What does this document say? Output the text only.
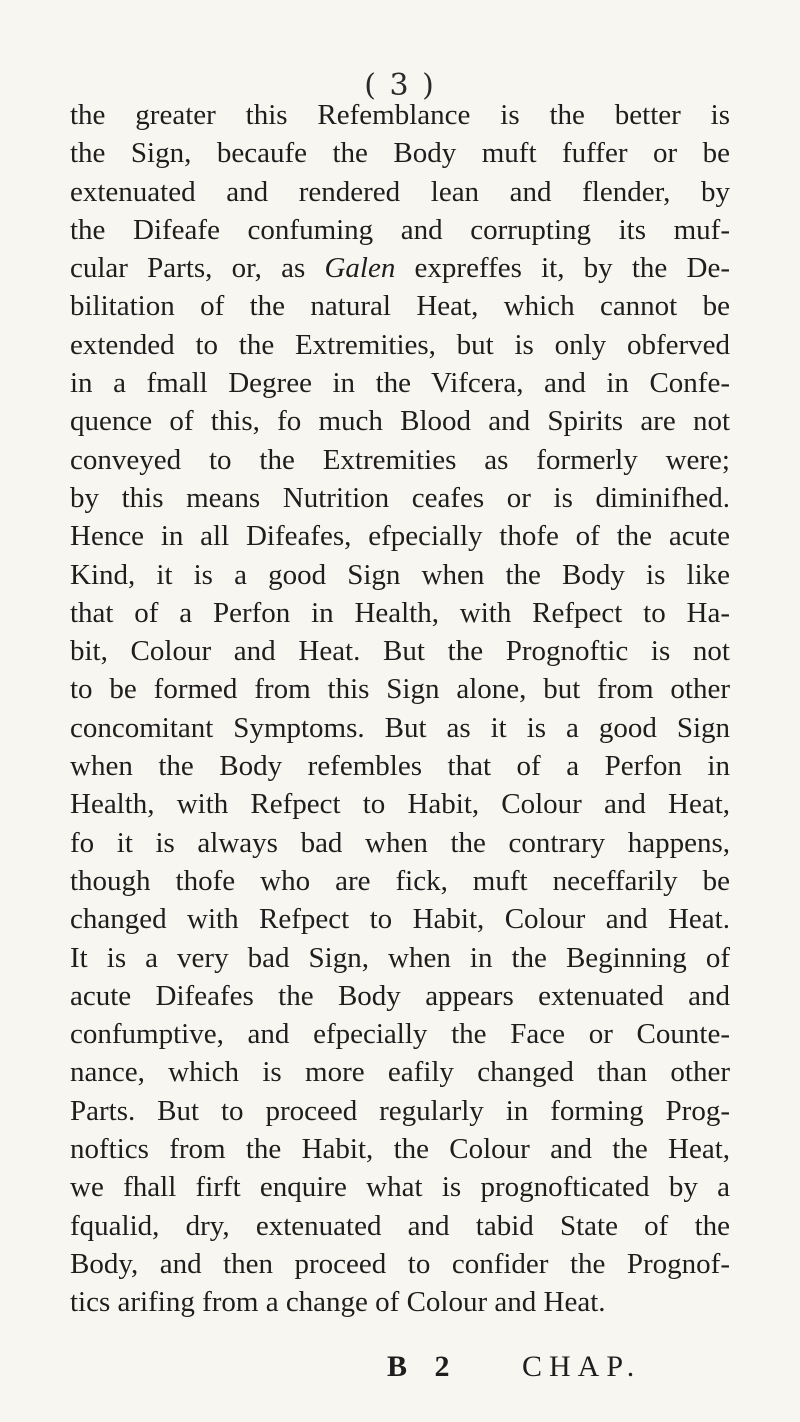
( 3 )
the greater this Refemblance is the better is
the Sign, becaufe the Body muft fuffer or be
extenuated and rendered lean and flender, by
the Difeafe confuming and corrupting its muf-
cular Parts, or, as Galen expreffes it, by the De-
bilitation of the natural Heat, which cannot be
extended to the Extremities, but is only obferved
in a fmall Degree in the Vifcera, and in Confe-
quence of this, fo much Blood and Spirits are not
conveyed to the Extremities as formerly were;
by this means Nutrition ceafes or is diminifhed.
Hence in all Difeafes, efpecially thofe of the acute
Kind, it is a good Sign when the Body is like
that of a Perfon in Health, with Refpect to Ha-
bit, Colour and Heat. But the Prognoftic is not
to be formed from this Sign alone, but from other
concomitant Symptoms. But as it is a good Sign
when the Body refembles that of a Perfon in
Health, with Refpect to Habit, Colour and Heat,
fo it is always bad when the contrary happens,
though thofe who are fick, muft neceffarily be
changed with Refpect to Habit, Colour and Heat.
It is a very bad Sign, when in the Beginning of
acute Difeafes the Body appears extenuated and
confumptive, and efpecially the Face or Counte-
nance, which is more eafily changed than other
Parts. But to proceed regularly in forming Prog-
noftics from the Habit, the Colour and the Heat,
we fhall firft enquire what is prognofticated by a
fqualid, dry, extenuated and tabid State of the
Body, and then proceed to confider the Prognof-
tics arifing from a change of Colour and Heat.
B 2 CHAP.
